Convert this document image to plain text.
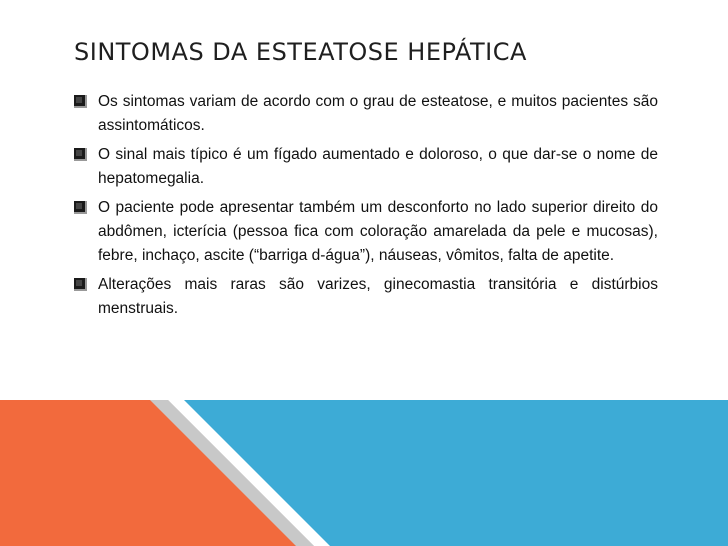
SINTOMAS DA ESTEATOSE HEPÁTICA
Os sintomas variam de acordo com o grau de esteatose, e muitos pacientes são assintomáticos.
O sinal mais típico é um fígado aumentado e doloroso, o que dar-se o nome de hepatomegalia.
O paciente pode apresentar também um desconforto no lado superior direito do abdômen, icterícia (pessoa fica com coloração amarelada da pele e mucosas), febre, inchaço, ascite (“barriga d-água”), náuseas, vômitos, falta de apetite.
Alterações mais raras são varizes, ginecomastia transitória e distúrbios menstruais.
